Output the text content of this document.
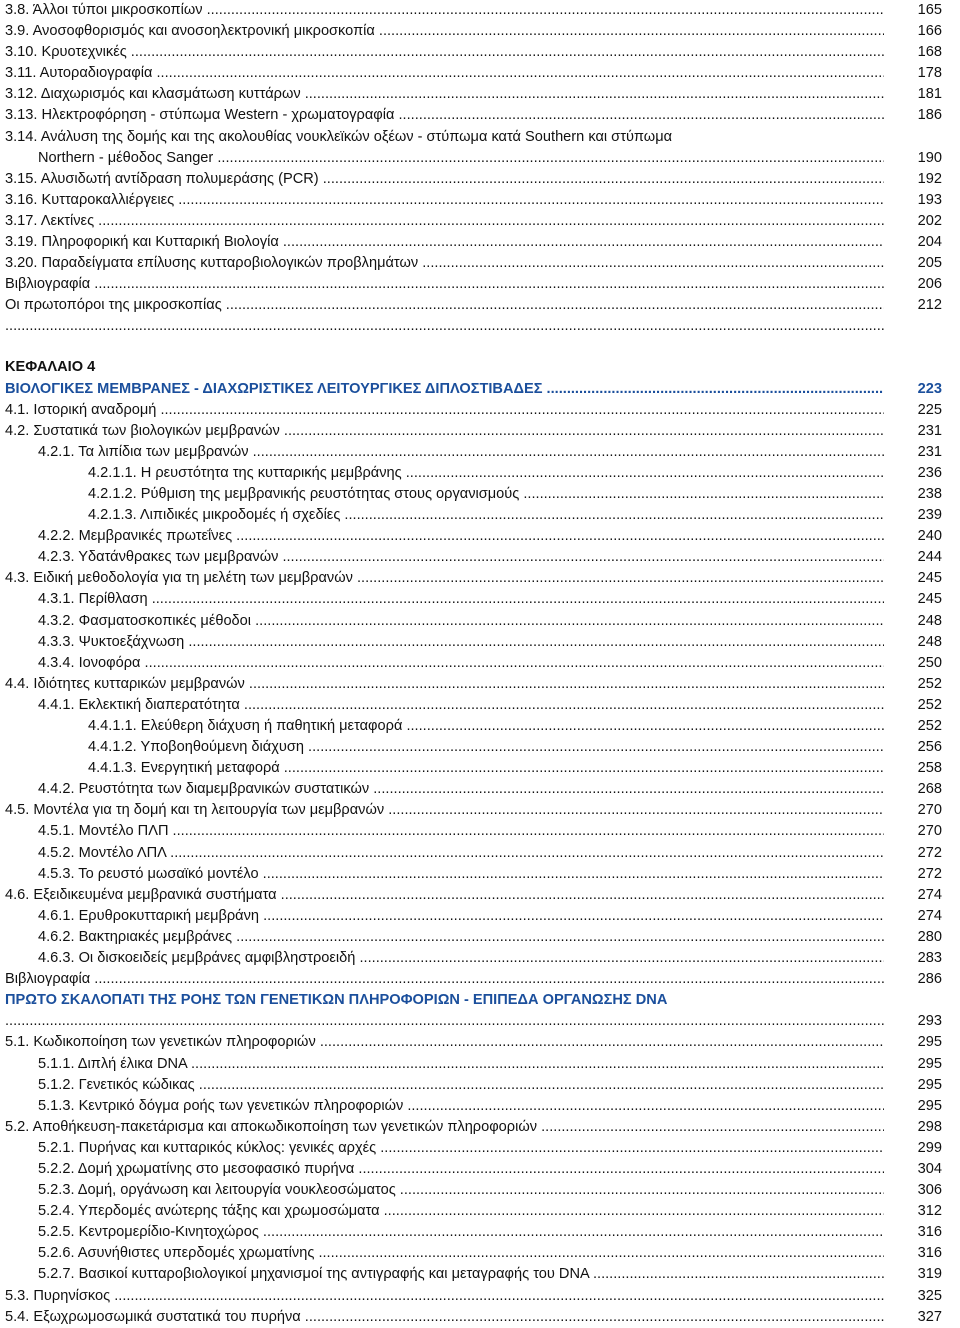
3.8. Άλλοι τύποι μικροσκοπίων .....	165
3.9. Ανοσοφθορισμός και ανοσοηλεκτρονική μικροσκοπία .....	166
3.10. Κρυοτεχνικές .....	168
3.11. Αυτοραδιογραφία .....	178
3.12. Διαχωρισμός και κλασμάτωση κυττάρων .....	181
3.13. Ηλεκτροφόρηση - στύπωμα Western - χρωματογραφία .....	186
3.14. Ανάλυση της δομής και της ακολουθίας νουκλεϊκών οξέων - στύπωμα κατά Southern και στύπωμα
Northern - μέθοδος Sanger .....	190
3.15. Αλυσιδωτή αντίδραση πολυμεράσης (PCR) .....	192
3.16. Κυτταροκαλλιέργειες .....	193
3.17. Λεκτίνες .....	202
3.19. Πληροφορική και Κυτταρική Βιολογία .....	204
3.20. Παραδείγματα επίλυσης κυτταροβιολογικών προβλημάτων .....	205
Βιβλιογραφία .....	206
Οι πρωτοπόροι της μικροσκοπίας .....	212
.....
ΚΕΦΑΛΑΙΟ 4
ΒΙΟΛΟΓΙΚΕΣ ΜΕΜΒΡΑΝΕΣ - ΔΙΑΧΩΡΙΣΤΙΚΕΣ ΛΕΙΤΟΥΡΓΙΚΕΣ ΔΙΠΛΟΣΤΙΒΑΔΕΣ .....	223
4.1. Ιστορική αναδρομή .....	225
4.2. Συστατικά των βιολογικών μεμβρανών .....	231
4.2.1. Τα λιπίδια των μεμβρανών .....	231
4.2.1.1. Η ρευστότητα της κυτταρικής μεμβράνης .....	236
4.2.1.2. Ρύθμιση της μεμβρανικής ρευστότητας στους οργανισμούς .....	238
4.2.1.3. Λιπιδικές μικροδομές ή σχεδίες .....	239
4.2.2. Μεμβρανικές πρωτεΐνες .....	240
4.2.3. Υδατάνθρακες των μεμβρανών .....	244
4.3. Ειδική μεθοδολογία για τη μελέτη των μεμβρανών .....	245
4.3.1. Περίθλαση .....	245
4.3.2. Φασματοσκοπικές μέθοδοι .....	248
4.3.3. Ψυκτοεξάχνωση .....	248
4.3.4. Ιονοφόρα .....	250
4.4. Ιδιότητες κυτταρικών μεμβρανών .....	252
4.4.1. Εκλεκτική διαπερατότητα .....	252
4.4.1.1. Ελεύθερη διάχυση ή παθητική μεταφορά .....	252
4.4.1.2. Υποβοηθούμενη διάχυση .....	256
4.4.1.3. Ενεργητική μεταφορά .....	258
4.4.2. Ρευστότητα των διαμεμβρανικών συστατικών .....	268
4.5. Μοντέλα για τη δομή και τη λειτουργία των μεμβρανών .....	270
4.5.1. Μοντέλο ΠΛΠ .....	270
4.5.2. Μοντέλο ΛΠΛ .....	272
4.5.3. Το ρευστό μωσαϊκό μοντέλο .....	272
4.6. Εξειδικευμένα μεμβρανικά συστήματα .....	274
4.6.1. Ερυθροκυτταρική μεμβράνη .....	274
4.6.2. Βακτηριακές μεμβράνες .....	280
4.6.3. Οι δισκοειδείς μεμβράνες αμφιβληστροειδή .....	283
Βιβλιογραφία .....	286
ΠΡΩΤΟ ΣΚΑΛΟΠΑΤΙ ΤΗΣ ΡΟΗΣ ΤΩΝ ΓΕΝΕΤΙΚΩΝ ΠΛΗΡΟΦΟΡΙΩΝ - ΕΠΙΠΕΔΑ ΟΡΓΑΝΩΣΗΣ DNA
.....
293
5.1. Κωδικοποίηση των γενετικών πληροφοριών .....	295
5.1.1. Διπλή έλικα DNA .....	295
5.1.2. Γενετικός κώδικας .....	295
5.1.3. Κεντρικό δόγμα ροής των γενετικών πληροφοριών .....	295
5.2. Αποθήκευση-πακετάρισμα και αποκωδικοποίηση των γενετικών πληροφοριών .....	298
5.2.1. Πυρήνας και κυτταρικός κύκλος: γενικές αρχές .....	299
5.2.2. Δομή χρωματίνης στο μεσοφασικό πυρήνα .....	304
5.2.3. Δομή, οργάνωση και λειτουργία νουκλεοσώματος .....	306
5.2.4. Υπερδομές ανώτερης τάξης και χρωμοσώματα .....	312
5.2.5. Κεντρομερίδιο-Κινητοχώρος .....	316
5.2.6. Ασυνήθιστες υπερδομές χρωματίνης .....	316
5.2.7. Βασικοί κυτταροβιολογικοί μηχανισμοί της αντιγραφής και μεταγραφής του DNA .....	319
5.3. Πυρηνίσκος .....	325
5.4. Εξωχρωμοσωμικά συστατικά του πυρήνα .....	327
